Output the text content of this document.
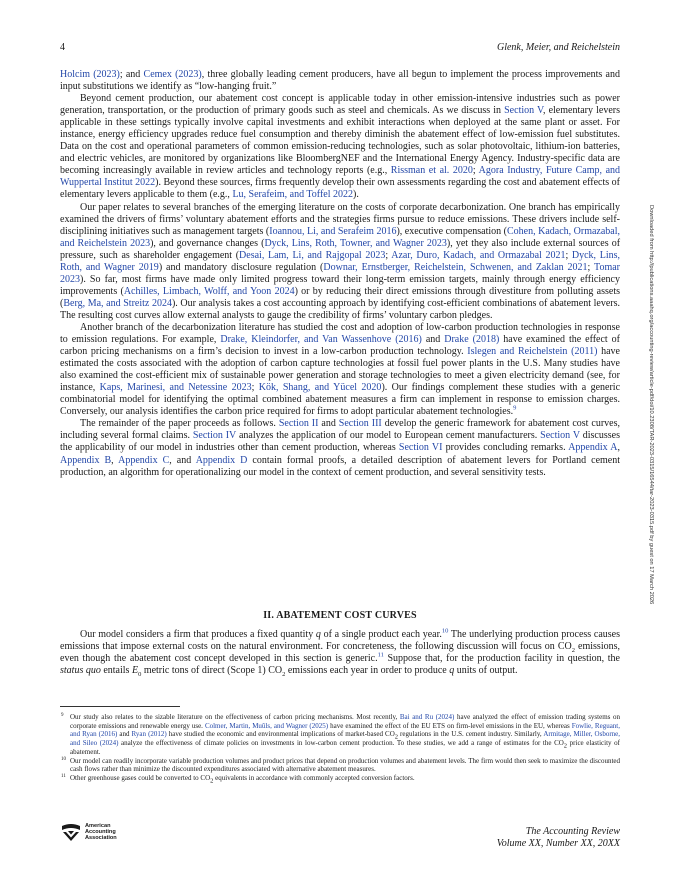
4	Glenk, Meier, and Reichelstein
Downloaded from http://publications.aaahq.org/accounting-review/article-pdf/doi/10.2308/TAR-2023-0315/16544/tar-2023-0315.pdf by guest on 17 March 2026

Holcim (2023); and Cemex (2023), three globally leading cement producers, have all begun to implement the process improvements and input substitutions we identify as “low-hanging fruit.”

Beyond cement production, our abatement cost concept is applicable today in other emission-intensive industries such as power generation, transportation, or the production of primary goods such as steel and chemicals. As we discuss in Section V, elementary levers applicable in these settings typically involve capital investments and exhibit interactions when deployed at the same plant or asset. For instance, energy efficiency upgrades reduce fuel consumption and thereby diminish the abatement effect of low-emission fuel substitutes. Data on the cost and operational parameters of common emission-reducing technologies, such as solar photovoltaic, lithium-ion batteries, and electric vehicles, are monitored by organizations like BloombergNEF and the International Energy Agency. Industry-specific data are becoming increasingly available in review articles and technology reports (e.g., Rissman et al. 2020; Agora Industry, Future Camp, and Wuppertal Institut 2022). Beyond these sources, firms frequently develop their own assessments regarding the cost and abatement effects of elementary levers applicable to them (e.g., Lu, Serafeim, and Toffel 2022).

Our paper relates to several branches of the emerging literature on the costs of corporate decarbonization. One branch has empirically examined the drivers of firms’ voluntary abatement efforts and the strategies firms pursue to reduce emissions. These drivers include self-disciplining initiatives such as management targets (Ioannou, Li, and Serafeim 2016), executive compensation (Cohen, Kadach, Ormazabal, and Reichelstein 2023), and governance changes (Dyck, Lins, Roth, Towner, and Wagner 2023), yet they also include external sources of pressure, such as shareholder engagement (Desai, Lam, Li, and Rajgopal 2023; Azar, Duro, Kadach, and Ormazabal 2021; Dyck, Lins, Roth, and Wagner 2019) and mandatory disclosure regulation (Downar, Ernstberger, Reichelstein, Schwenen, and Zaklan 2021; Tomar 2023). So far, most firms have made only limited progress toward their long-term emission targets, mainly through energy efficiency improvements (Achilles, Limbach, Wolff, and Yoon 2024) or by reducing their direct emissions through divestiture from polluting assets (Berg, Ma, and Streitz 2024). Our analysis takes a cost accounting approach by identifying cost-efficient combinations of abatement levers. The resulting cost curves allow external analysts to gauge the credibility of firms’ voluntary carbon pledges.

Another branch of the decarbonization literature has studied the cost and adoption of low-carbon production technologies in response to emission regulations. For example, Drake, Kleindorfer, and Van Wassenhove (2016) and Drake (2018) have examined the effect of carbon pricing mechanisms on a firm’s decision to invest in a low-carbon production technology. Islegen and Reichelstein (2011) have estimated the costs associated with the adoption of carbon capture technologies at fossil fuel power plants in the U.S. Many studies have also examined the cost-efficient mix of sustainable power generation and storage technologies to meet a given electricity demand (see, for instance, Kaps, Marinesi, and Netessine 2023; Kök, Shang, and Yücel 2020). Our findings complement these studies with a generic combinatorial model for identifying the optimal combined abatement measures a firm can implement in response to emission charges. Conversely, our analysis identifies the carbon price required for firms to adopt particular abatement technologies.$^9$

The remainder of the paper proceeds as follows. Section II and Section III develop the generic framework for abatement cost curves, including several formal claims. Section IV analyzes the application of our model to European cement manufacturers. Section V discusses the applicability of our model in industries other than cement production, whereas Section VI provides concluding remarks. Appendix A, Appendix B, Appendix C, and Appendix D contain formal proofs, a detailed description of abatement levers for Portland cement production, an algorithm for operationalizing our model in the context of cement production, and several sensitivity tests.

II. ABATEMENT COST CURVES

Our model considers a firm that produces a fixed quantity q of a single product each year.$^{10}$ The underlying production process causes emissions that impose external costs on the natural environment. For concreteness, the following discussion will focus on $CO_2$ emissions, even though the abatement cost concept developed in this section is generic.$^{11}$ Suppose that, for the production facility in question, the status quo entails $E_0$ metric tons of direct (Scope 1) $CO_2$ emissions each year in order to produce q units of output.

9 Our study also relates to the sizable literature on the effectiveness of carbon pricing mechanisms. Most recently, Bai and Ru (2024) have analyzed the effect of emission trading systems on corporate emissions and renewable energy use. Colmer, Martin, Muûls, and Wagner (2025) have examined the effect of the EU ETS on firm-level emissions in the EU, whereas Fowlie, Reguant, and Ryan (2016) and Ryan (2012) have studied the economic and environmental implications of market-based $CO_2$ regulations in the U.S. cement industry. Similarly, Armitage, Miller, Osborne, and Sileo (2024) analyze the effectiveness of climate policies on investments in low-carbon cement production. To these studies, we add a range of estimates for the $CO_2$ price elasticity of abatement.
10 Our model can readily incorporate variable production volumes and product prices that depend on production volumes and abatement levels. The firm would then seek to maximize the discounted cash flows rather than minimize the discounted expenditures associated with alternative abatement measures.
11 Other greenhouse gases could be converted to $CO_2$ equivalents in accordance with commonly accepted conversion factors.
American
Accounting
Association
The Accounting Review
Volume XX, Number XX, 20XX
